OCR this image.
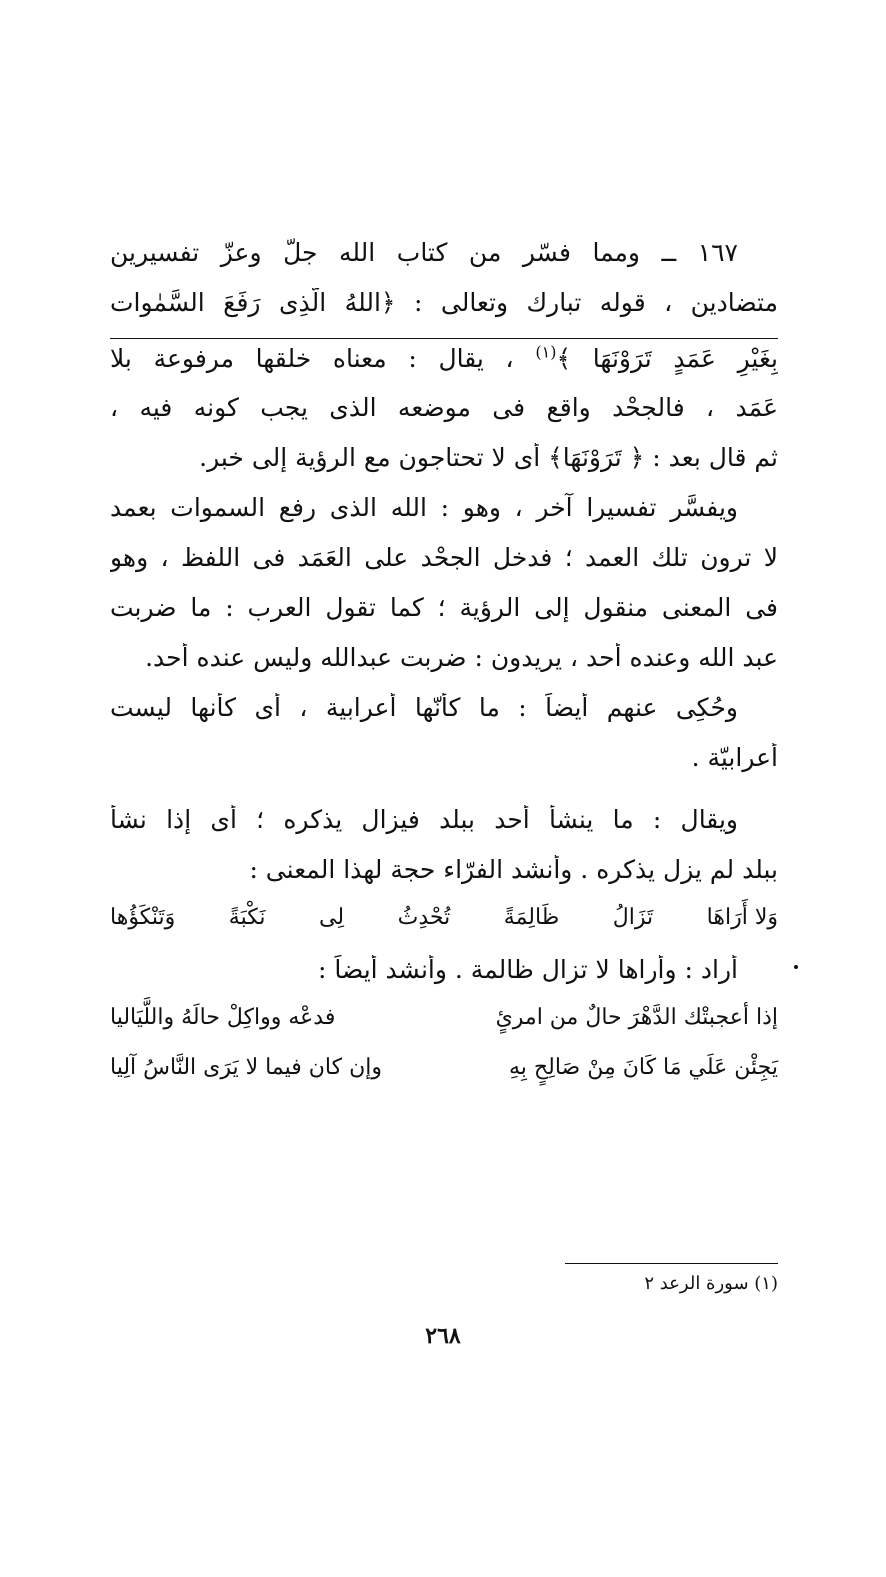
١٦٧ ــ ومما فسّر من كتاب الله جلّ وعزّ تفسيرين
متضادين ، قوله تبارك وتعالى : ﴿اللهُ الَّذِى رَفَعَ السَّمٰوات
بِغَيْرِ عَمَدٍ تَرَوْنَهَا ﴾$^{(١)}$ ، يقال : معناه خلقها مرفوعة بلا
عَمَد ، فالجحْد واقع فى موضعه الذى يجب كونه فيه ،
ثم قال بعد : ﴿ تَرَوْنَهَا﴾ أى لا تحتاجون مع الرؤية إلى خبر.
ويفسَّر تفسيرا آخر ، وهو : الله الذى رفع السموات بعمد
لا ترون تلك العمد ؛ فدخل الجحْد على العَمَد فى اللفظ ، وهو
فى المعنى منقول إلى الرؤية ؛ كما تقول العرب : ما ضربت
عبد الله وعنده أحد ، يريدون : ضربت عبدالله وليس عنده أحد.
وحُكِى عنهم أيضاً : ما كأَنّها أعرابية ، أى كأَنها ليست
أَعرابيّة .
ويقال : ما ينشأُ أَحد ببلد فيزال يذكره ؛ أى إذا نشأ
ببلد لم يزل يذكره . وأنشد الفرّاء حجة لهذا المعنى :
وَلا أَرَاهَا
تَزَالُ
ظَالِمَةً
تُحْدِثُ
لِى
نَكْبَةً
وَتَنْكَؤُها
أراد : وأَراها لا تزال ظالمة . وأَنشد أيضاً :
إذا أعجبتْك الدَّهْرَ حالٌ من امرئٍ
فدعْه وواكِلْ حالَهُ واللَّيَاليا
يَجِئْن عَلَي مَا كَانَ مِنْ صَالِحٍ بِهِ
وإن كان فيما لا يَرَى النَّاسُ آلِيا
(١) سورة الرعد ٢
٢٦٨
